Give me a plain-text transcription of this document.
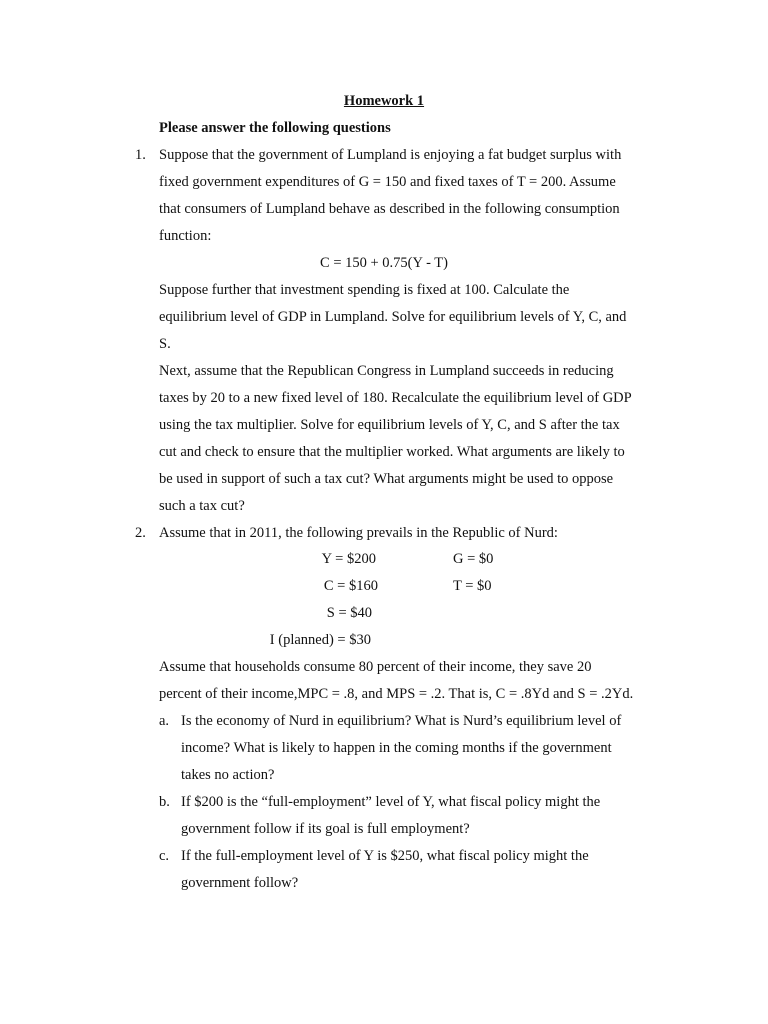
Homework 1
Please answer the following questions
1. Suppose that the government of Lumpland is enjoying a fat budget surplus with
fixed government expenditures of G = 150 and fixed taxes of T = 200. Assume
that consumers of Lumpland behave as described in the following consumption
function:
C = 150 + 0.75(Y - T)
Suppose further that investment spending is fixed at 100. Calculate the
equilibrium level of GDP in Lumpland. Solve for equilibrium levels of Y, C, and
S.
Next, assume that the Republican Congress in Lumpland succeeds in reducing
taxes by 20 to a new fixed level of 180. Recalculate the equilibrium level of GDP
using the tax multiplier. Solve for equilibrium levels of Y, C, and S after the tax
cut and check to ensure that the multiplier worked. What arguments are likely to
be used in support of such a tax cut? What arguments might be used to oppose
such a tax cut?
2. Assume that in 2011, the following prevails in the Republic of Nurd:
Y = $200	G = $0
C = $160	T = $0
S = $40
I (planned) = $30
Assume that households consume 80 percent of their income, they save 20
percent of their income,MPC = .8, and MPS = .2. That is, C = .8Yd and S = .2Yd.
a. Is the economy of Nurd in equilibrium? What is Nurd’s equilibrium level of
income? What is likely to happen in the coming months if the government
takes no action?
b. If $200 is the “full-employment” level of Y, what fiscal policy might the
government follow if its goal is full employment?
c. If the full-employment level of Y is $250, what fiscal policy might the
government follow?
